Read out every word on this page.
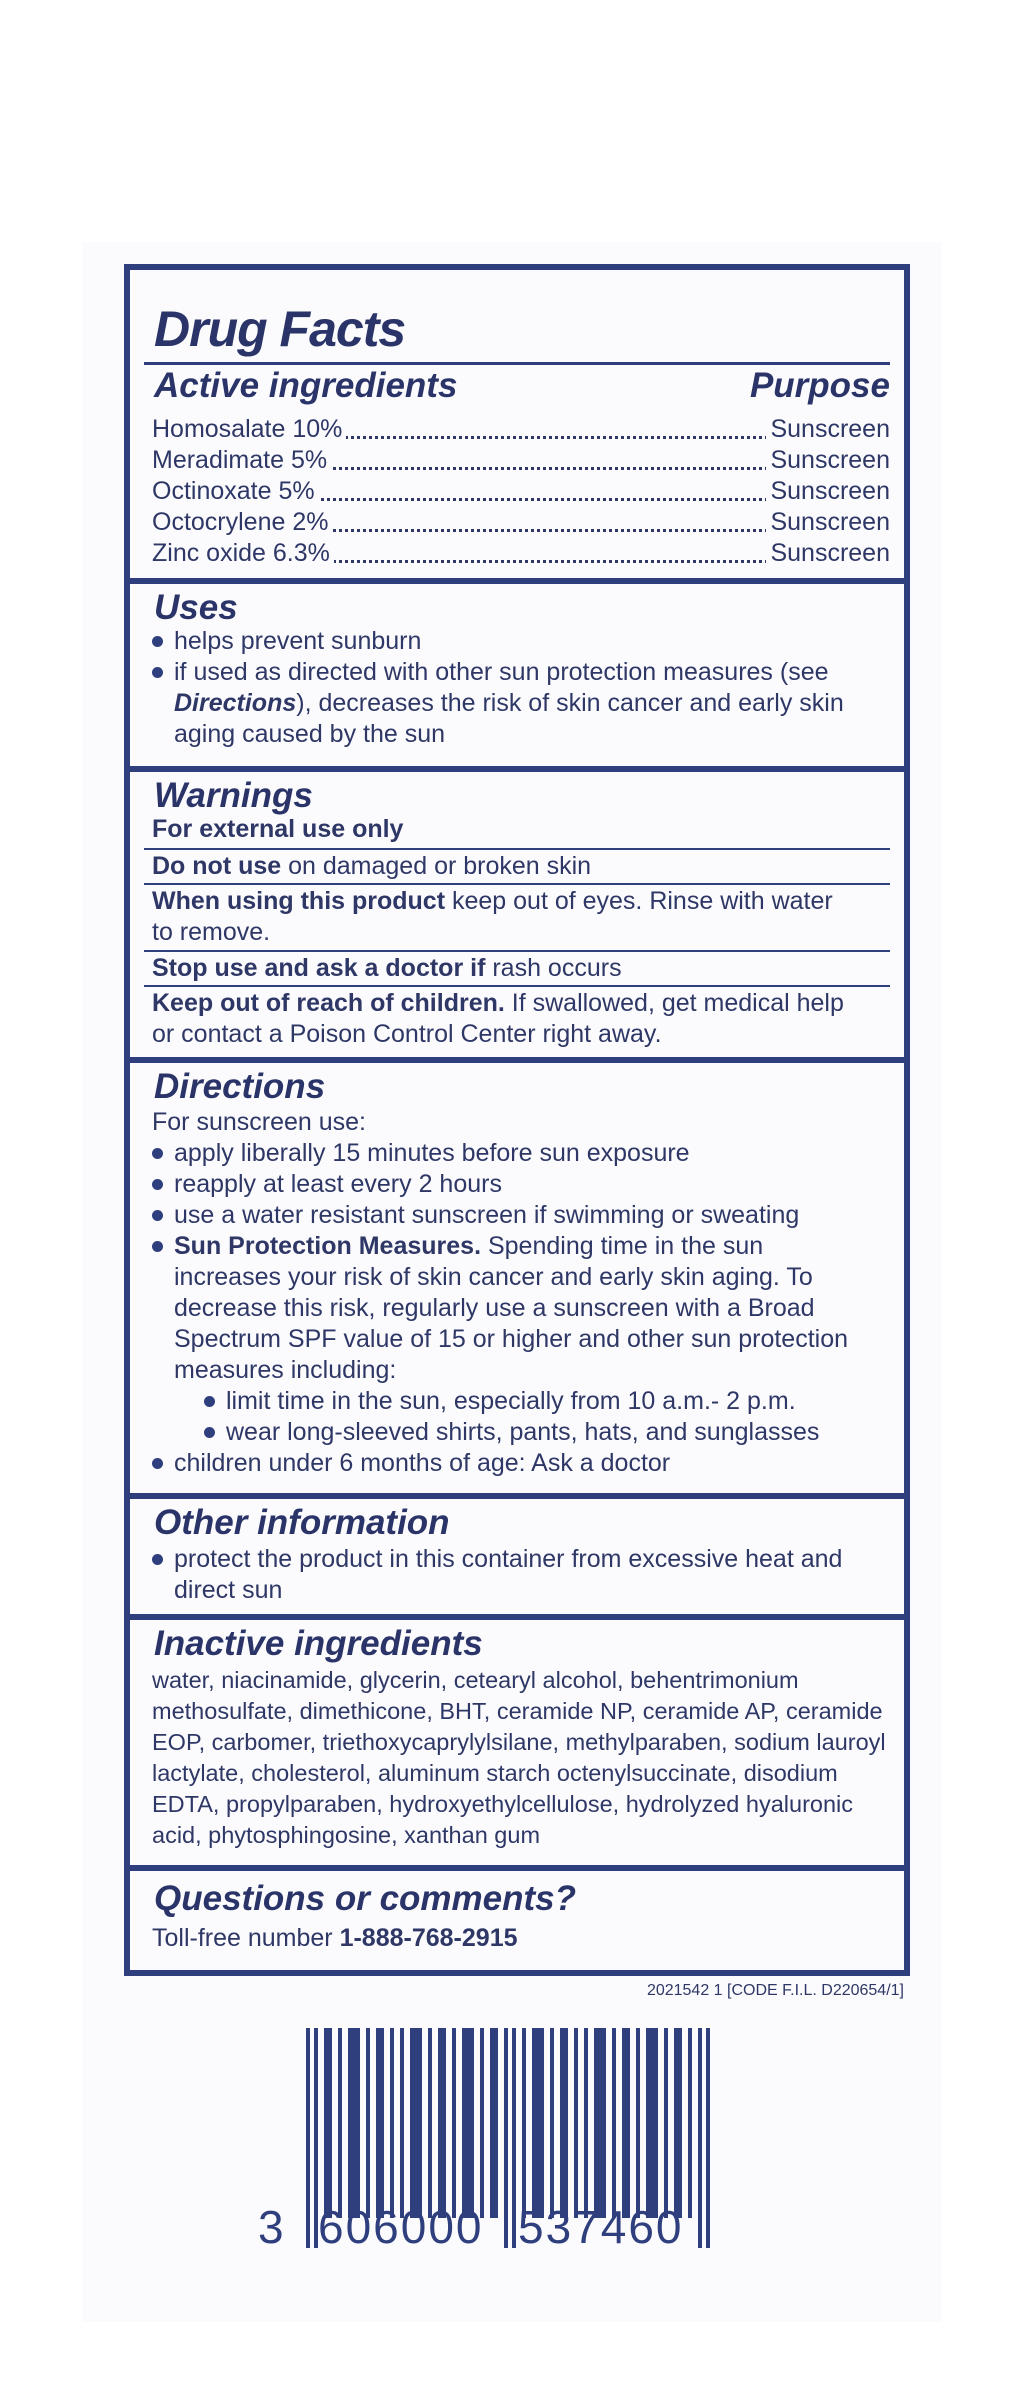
Drug Facts
Active ingredients	Purpose
Homosalate 10%	Sunscreen
Meradimate 5%	Sunscreen
Octinoxate 5%	Sunscreen
Octocrylene 2%	Sunscreen
Zinc oxide 6.3%	Sunscreen
Uses
helps prevent sunburn
if used as directed with other sun protection measures (see
Directions), decreases the risk of skin cancer and early skin
aging caused by the sun
Warnings
For external use only
Do not use on damaged or broken skin
When using this product keep out of eyes. Rinse with water
to remove.
Stop use and ask a doctor if rash occurs
Keep out of reach of children. If swallowed, get medical help
or contact a Poison Control Center right away.
Directions
For sunscreen use:
apply liberally 15 minutes before sun exposure
reapply at least every 2 hours
use a water resistant sunscreen if swimming or sweating
Sun Protection Measures. Spending time in the sun
increases your risk of skin cancer and early skin aging. To
decrease this risk, regularly use a sunscreen with a Broad
Spectrum SPF value of 15 or higher and other sun protection
measures including:
limit time in the sun, especially from 10 a.m.- 2 p.m.
wear long-sleeved shirts, pants, hats, and sunglasses
children under 6 months of age: Ask a doctor
Other information
protect the product in this container from excessive heat and
direct sun
Inactive ingredients
water, niacinamide, glycerin, cetearyl alcohol, behentrimonium
methosulfate, dimethicone, BHT, ceramide NP, ceramide AP, ceramide
EOP, carbomer, triethoxycaprylylsilane, methylparaben, sodium lauroyl
lactylate, cholesterol, aluminum starch octenylsuccinate, disodium
EDTA, propylparaben, hydroxyethylcellulose, hydrolyzed hyaluronic
acid, phytosphingosine, xanthan gum
Questions or comments?
Toll-free number 1-888-768-2915
2021542 1 [CODE F.I.L. D220654/1]
3 606000 537460
